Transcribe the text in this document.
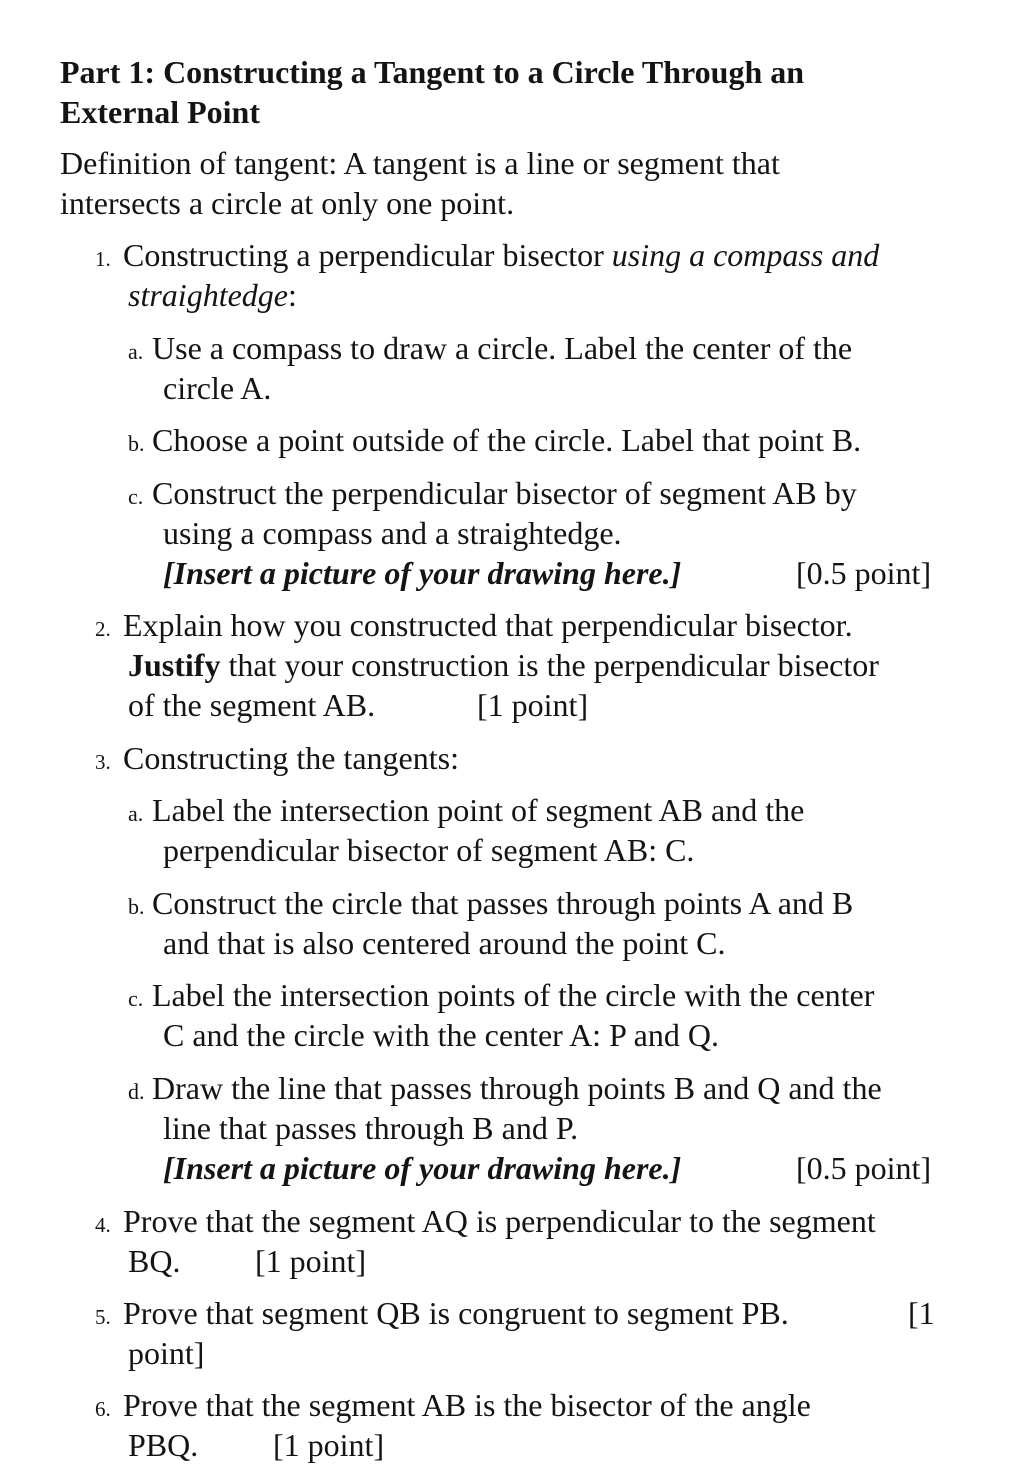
Part 1: Constructing a Tangent to a Circle Through an
External Point
Definition of tangent: A tangent is a line or segment that
intersects a circle at only one point.
1. Constructing a perpendicular bisector using a compass and
straightedge:
a. Use a compass to draw a circle. Label the center of the
circle A.
b. Choose a point outside of the circle. Label that point B.
c. Construct the perpendicular bisector of segment AB by
using a compass and a straightedge.
[Insert a picture of your drawing here.]	[0.5 point]
2. Explain how you constructed that perpendicular bisector.
Justify that your construction is the perpendicular bisector
of the segment AB.	[1 point]
3. Constructing the tangents:
a. Label the intersection point of segment AB and the
perpendicular bisector of segment AB: C.
b. Construct the circle that passes through points A and B
and that is also centered around the point C.
c. Label the intersection points of the circle with the center
C and the circle with the center A: P and Q.
d. Draw the line that passes through points B and Q and the
line that passes through B and P.
[Insert a picture of your drawing here.]	[0.5 point]
4. Prove that the segment AQ is perpendicular to the segment
BQ. [1 point]
5. Prove that segment QB is congruent to segment PB.	[1
point]
6. Prove that the segment AB is the bisector of the angle
PBQ. [1 point]
